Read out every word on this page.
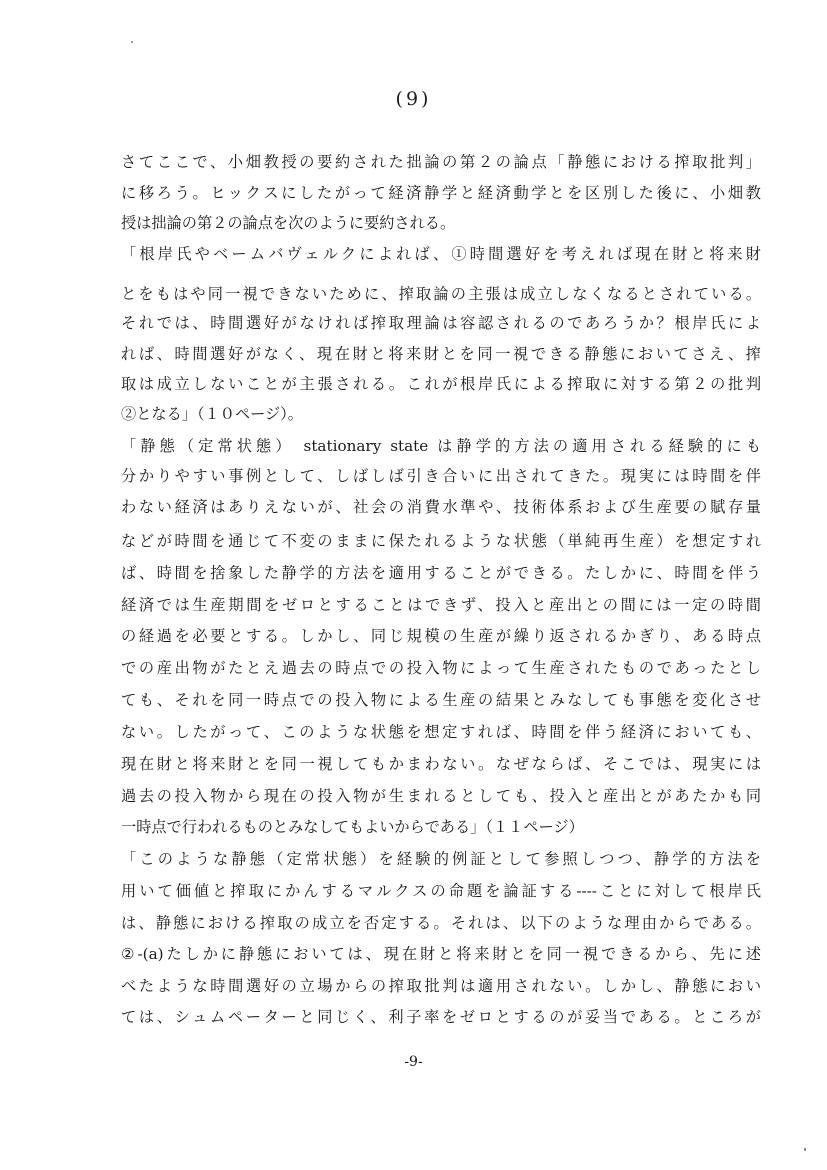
(9)
さてここで、小畑教授の要約された拙論の第２の論点「静態における搾取批判」
に移ろう。ヒックスにしたがって経済静学と経済動学とを区別した後に、小畑教
授は拙論の第２の論点を次のように要約される。
「根岸氏やベームバヴェルクによれば、①時間選好を考えれば現在財と将来財
とをもはや同一視できないために、搾取論の主張は成立しなくなるとされている。
それでは、時間選好がなければ搾取理論は容認されるのであろうか？根岸氏によ
れば、時間選好がなく、現在財と将来財とを同一視できる静態においてさえ、搾
取は成立しないことが主張される。これが根岸氏による搾取に対する第２の批判
②となる」（１０ページ）。
「静態（定常状態） stationary state は静学的方法の適用される経験的にも
分かりやすい事例として、しばしば引き合いに出されてきた。現実には時間を伴
わない経済はありえないが、社会の消費水準や、技術体系および生産要の賦存量
などが時間を通じて不変のままに保たれるような状態（単純再生産）を想定すれ
ば、時間を捨象した静学的方法を適用することができる。たしかに、時間を伴う
経済では生産期間をゼロとすることはできず、投入と産出との間には一定の時間
の経過を必要とする。しかし、同じ規模の生産が繰り返されるかぎり、ある時点
での産出物がたとえ過去の時点での投入物によって生産されたものであったとし
ても、それを同一時点での投入物による生産の結果とみなしても事態を変化させ
ない。したがって、このような状態を想定すれば、時間を伴う経済においても、
現在財と将来財とを同一視してもかまわない。なぜならば、そこでは、現実には
過去の投入物から現在の投入物が生まれるとしても、投入と産出とがあたかも同
一時点で行われるものとみなしてもよいからである」（１１ページ）
「このような静態（定常状態）を経験的例証として参照しつつ、静学的方法を
用いて価値と搾取にかんするマルクスの命題を論証する----ことに対して根岸氏
は、静態における搾取の成立を否定する。それは、以下のような理由からである。
②-(a)たしかに静態においては、現在財と将来財とを同一視できるから、先に述
べたような時間選好の立場からの搾取批判は適用されない。しかし、静態におい
ては、シュムペーターと同じく、利子率をゼロとするのが妥当である。ところが
-9-
